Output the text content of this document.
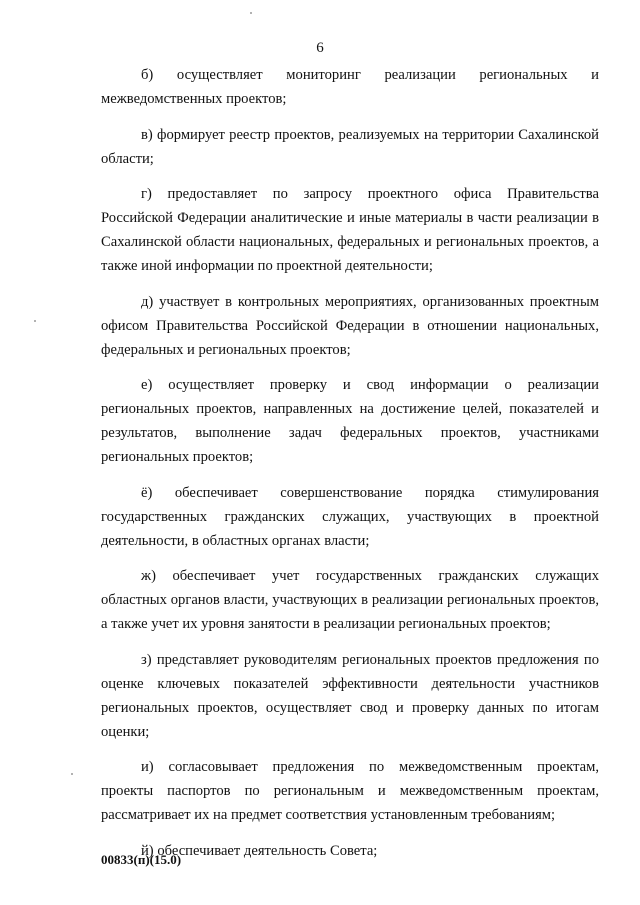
6

б) осуществляет мониторинг реализации региональных и межведомственных проектов;

в) формирует реестр проектов, реализуемых на территории Сахалинской области;

г) предоставляет по запросу проектного офиса Правительства Российской Федерации аналитические и иные материалы в части реализации в Сахалинской области национальных, федеральных и региональных проектов, а также иной информации по проектной деятельности;

д) участвует в контрольных мероприятиях, организованных проектным офисом Правительства Российской Федерации в отношении национальных, федеральных и региональных проектов;

е) осуществляет проверку и свод информации о реализации региональных проектов, направленных на достижение целей, показателей и результатов, выполнение задач федеральных проектов, участниками региональных проектов;

ё) обеспечивает совершенствование порядка стимулирования государственных гражданских служащих, участвующих в проектной деятельности, в областных органах власти;

ж) обеспечивает учет государственных гражданских служащих областных органов власти, участвующих в реализации региональных проектов, а также учет их уровня занятости в реализации региональных проектов;

з) представляет руководителям региональных проектов предложения по оценке ключевых показателей эффективности деятельности участников региональных проектов, осуществляет свод и проверку данных по итогам оценки;

и) согласовывает предложения по межведомственным проектам, проекты паспортов по региональным и межведомственным проектам, рассматривает их на предмет соответствия установленным требованиям;

й) обеспечивает деятельность Совета;

00833(п)(15.0)
